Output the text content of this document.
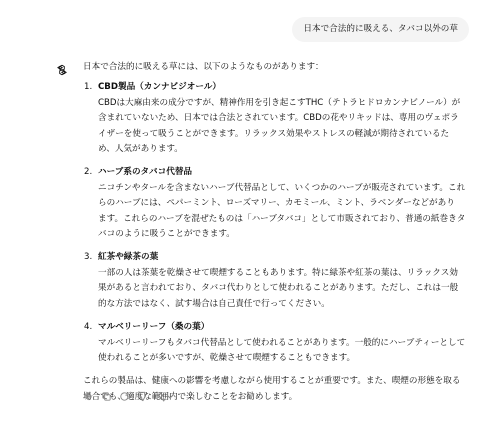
日本で合法的に吸える、タバコ以外の草

日本で合法的に吸える草には、以下のようなものがあります：

1. CBD製品（カンナビジオール）

CBDは大麻由来の成分ですが、精神作用を引き起こすTHC（テトラヒドロカンナビノール）が
含まれていないため、日本では合法とされています。CBDの花やリキッドは、専用のヴェポラ
イザーを使って吸うことができます。リラックス効果やストレスの軽減が期待されているた
め、人気があります。

2. ハーブ系のタバコ代替品

ニコチンやタールを含まないハーブ代替品として、いくつかのハーブが販売されています。これ
らのハーブには、ペパーミント、ローズマリー、カモミール、ミント、ラベンダーなどがあり
ます。これらのハーブを混ぜたものは「ハーブタバコ」として市販されており、普通の紙巻きタ
バコのように吸うことができます。

3. 紅茶や緑茶の葉

一部の人は茶葉を乾燥させて喫煙することもあります。特に緑茶や紅茶の葉は、リラックス効
果があると言われており、タバコ代わりとして使われることがあります。ただし、これは一般
的な方法ではなく、試す場合は自己責任で行ってください。

4. マルベリーリーフ（桑の葉）

マルベリーリーフもタバコ代替品として使われることがあります。一般的にハーブティーとして
使われることが多いですが、乾燥させて喫煙することもできます。

これらの製品は、健康への影響を考慮しながら使用することが重要です。また、喫煙の形態を取る
場合でも、適度な範囲内で楽しむことをお勧めします。
